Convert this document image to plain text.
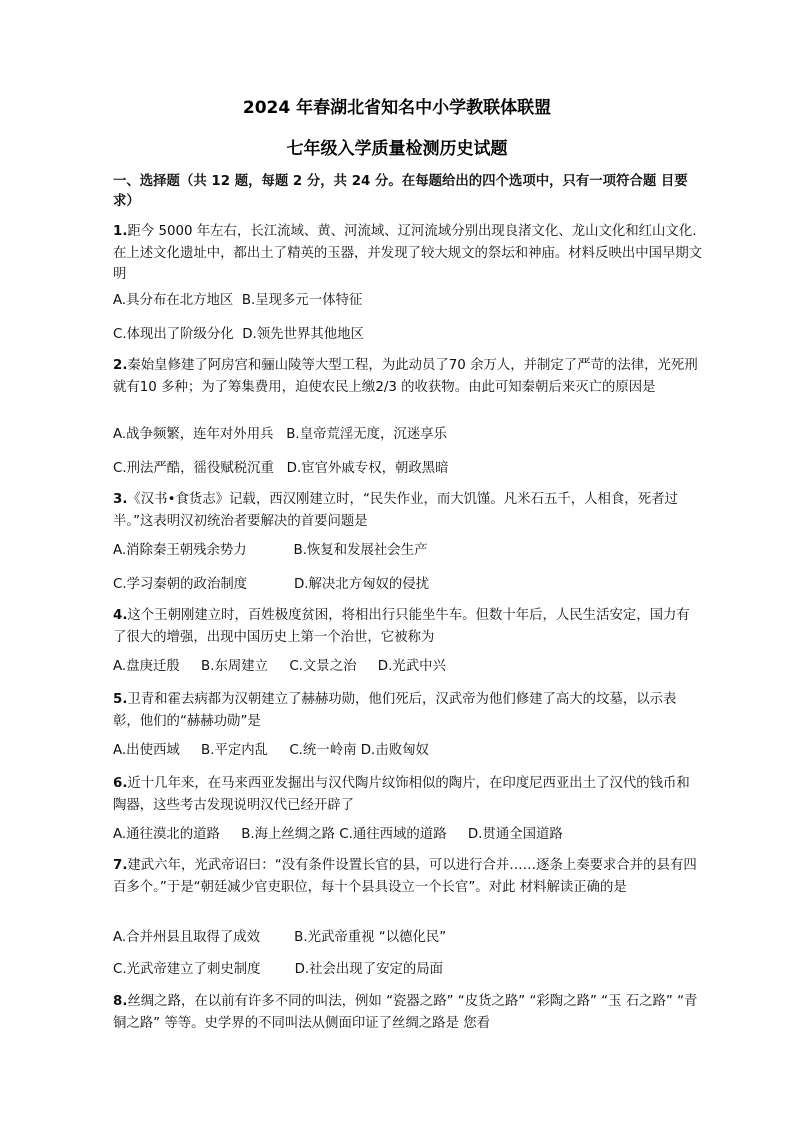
2024 年春湖北省知名中小学教联体联盟
七年级入学质量检测历史试题
一、选择题（共 12 题，每题 2 分，共 24 分。在每题给出的四个选项中，只有一项符合题 目要求）
1.距今 5000 年左右，长江流域、黄、河流域、辽河流域分别出现良渚文化、龙山文化和红山文化.在上述文化遗址中，都出土了精英的玉器，并发现了较大规文的祭坛和神庙。材料反映出中国早期文明
A.具分布在北方地区  B.呈现多元一体特征
C.体现出了阶级分化  D.领先世界其他地区
2.秦始皇修建了阿房宫和骊山陵等大型工程，为此动员了70 余万人，并制定了严苛的法律，光死刑就有10 多种；为了筹集费用，迫使农民上缴2/3 的收获物。由此可知秦朝后来灭亡的原因是
A.战争频繁，连年对外用兵   B.皇帝荒淫无度，沉迷享乐
C.刑法严酷，徭役赋税沉重   D.宦官外戚专权，朝政黑暗
3.《汉书•食货志》记载，西汉刚建立时，“民失作业，而大饥馑。凡米石五千，人相食，死者过半。”这表明汉初统治者要解决的首要问题是
A.消除秦王朝残余势力           B.恢复和发展社会生产
C.学习秦朝的政治制度           D.解决北方匈奴的侵扰
4.这个王朝刚建立时，百姓极度贫困，将相出行只能坐牛车。但数十年后，人民生活安定，国力有了很大的增强，出现中国历史上第一个治世，它被称为
A.盘庚迁殷     B.东周建立     C.文景之治     D.光武中兴
5.卫青和霍去病都为汉朝建立了赫赫功勋，他们死后，汉武帝为他们修建了高大的坟墓，以示表彰，他们的“赫赫功勋”是
A.出使西域     B.平定内乱     C.统一岭南 D.击败匈奴
6.近十几年来，在马来西亚发掘出与汉代陶片纹饰相似的陶片，在印度尼西亚出土了汉代的钱币和陶器，这些考古发现说明汉代已经开辟了
A.通往漠北的道路     B.海上丝绸之路 C.通往西域的道路     D.贯通全国道路
7.建武六年，光武帝诏曰：“没有条件设置长官的县，可以进行合并……逐条上奏要求合并的县有四百多个。”于是“朝廷减少官吏职位，每十个县具设立一个长官”。对此 材料解读正确的是
A.合并州县且取得了成效        B.光武帝重视 “以德化民”
C.光武帝建立了刺史制度        D.社会出现了安定的局面
8.丝绸之路，在以前有许多不同的叫法，例如 “瓷器之路” “皮货之路” “彩陶之路” “玉 石之路” “青铜之路” 等等。史学界的不同叫法从侧面印证了丝绸之路是 您看
